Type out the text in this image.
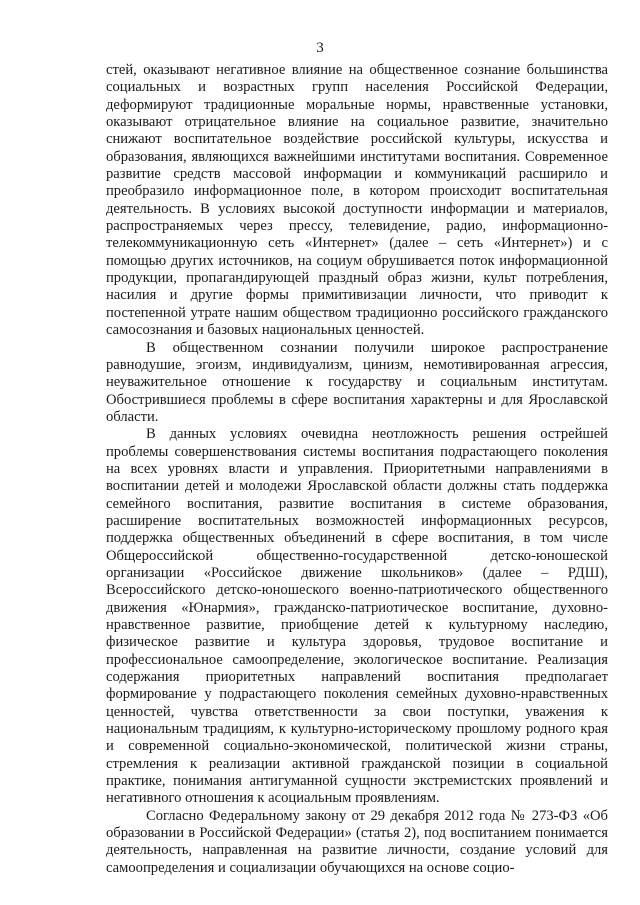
3

стей, оказывают негативное влияние на общественное сознание большинства социальных и возрастных групп населения Российской Федерации, деформируют традиционные моральные нормы, нравственные установки, оказывают отрицательное влияние на социальное развитие, значительно снижают воспитательное воздействие российской культуры, искусства и образования, являющихся важнейшими институтами воспитания. Современное развитие средств массовой информации и коммуникаций расширило и преобразило информационное поле, в котором происходит воспитательная деятельность. В условиях высокой доступности информации и материалов, распространяемых через прессу, телевидение, радио, информационно-телекоммуникационную сеть «Интернет» (далее – сеть «Интернет») и с помощью других источников, на социум обрушивается поток информационной продукции, пропагандирующей праздный образ жизни, культ потребления, насилия и другие формы примитивизации личности, что приводит к постепенной утрате нашим обществом традиционно российского гражданского самосознания и базовых национальных ценностей.

В общественном сознании получили широкое распространение равнодушие, эгоизм, индивидуализм, цинизм, немотивированная агрессия, неуважительное отношение к государству и социальным институтам. Обострившиеся проблемы в сфере воспитания характерны и для Ярославской области.

В данных условиях очевидна неотложность решения острейшей проблемы совершенствования системы воспитания подрастающего поколения на всех уровнях власти и управления. Приоритетными направлениями в воспитании детей и молодежи Ярославской области должны стать поддержка семейного воспитания, развитие воспитания в системе образования, расширение воспитательных возможностей информационных ресурсов, поддержка общественных объединений в сфере воспитания, в том числе Общероссийской общественно-государственной детско-юношеской организации «Российское движение школьников» (далее – РДШ), Всероссийского детско-юношеского военно-патриотического общественного движения «Юнармия», гражданско-патриотическое воспитание, духовно-нравственное развитие, приобщение детей к культурному наследию, физическое развитие и культура здоровья, трудовое воспитание и профессиональное самоопределение, экологическое воспитание. Реализация содержания приоритетных направлений воспитания предполагает формирование у подрастающего поколения семейных духовно-нравственных ценностей, чувства ответственности за свои поступки, уважения к национальным традициям, к культурно-историческому прошлому родного края и современной социально-экономической, политической жизни страны, стремления к реализации активной гражданской позиции в социальной практике, понимания антигуманной сущности экстремистских проявлений и негативного отношения к асоциальным проявлениям.

Согласно Федеральному закону от 29 декабря 2012 года № 273-ФЗ «Об образовании в Российской Федерации» (статья 2), под воспитанием понимается деятельность, направленная на развитие личности, создание условий для самоопределения и социализации обучающихся на основе социо-
